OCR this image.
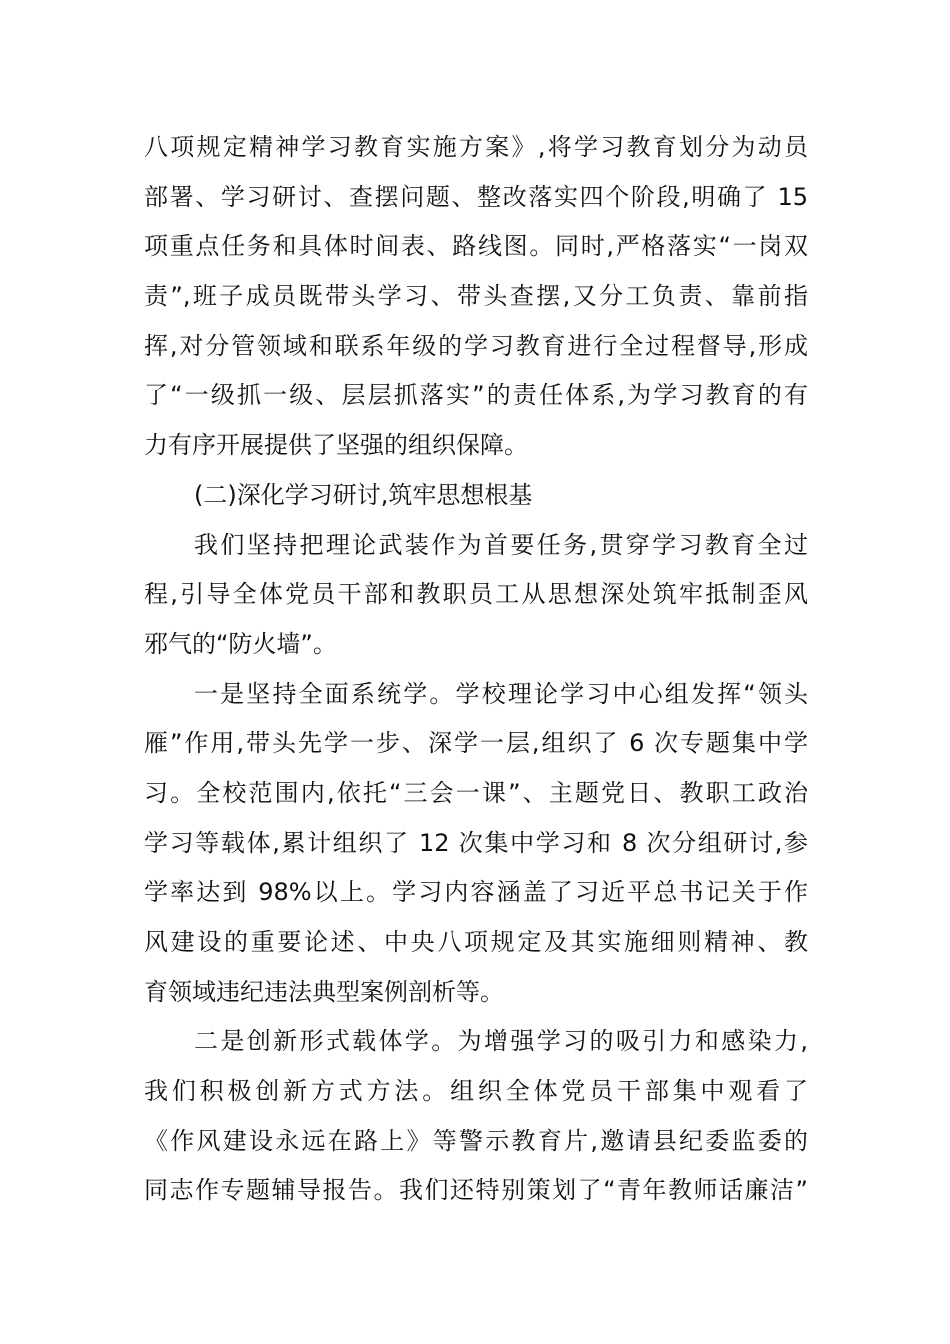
八项规定精神学习教育实施方案》,将学习教育划分为动员
部署、学习研讨、查摆问题、整改落实四个阶段,明确了 15
项重点任务和具体时间表、路线图。同时,严格落实“一岗双
责”,班子成员既带头学习、带头查摆,又分工负责、靠前指
挥,对分管领域和联系年级的学习教育进行全过程督导,形成
了“一级抓一级、层层抓落实”的责任体系,为学习教育的有
力有序开展提供了坚强的组织保障。
(二)深化学习研讨,筑牢思想根基
我们坚持把理论武装作为首要任务,贯穿学习教育全过
程,引导全体党员干部和教职员工从思想深处筑牢抵制歪风
邪气的“防火墙”。
一是坚持全面系统学。学校理论学习中心组发挥“领头
雁”作用,带头先学一步、深学一层,组织了 6 次专题集中学
习。全校范围内,依托“三会一课”、主题党日、教职工政治
学习等载体,累计组织了 12 次集中学习和 8 次分组研讨,参
学率达到 98%以上。学习内容涵盖了习近平总书记关于作
风建设的重要论述、中央八项规定及其实施细则精神、教
育领域违纪违法典型案例剖析等。
二是创新形式载体学。为增强学习的吸引力和感染力,
我们积极创新方式方法。组织全体党员干部集中观看了
《作风建设永远在路上》等警示教育片,邀请县纪委监委的
同志作专题辅导报告。我们还特别策划了“青年教师话廉洁”
